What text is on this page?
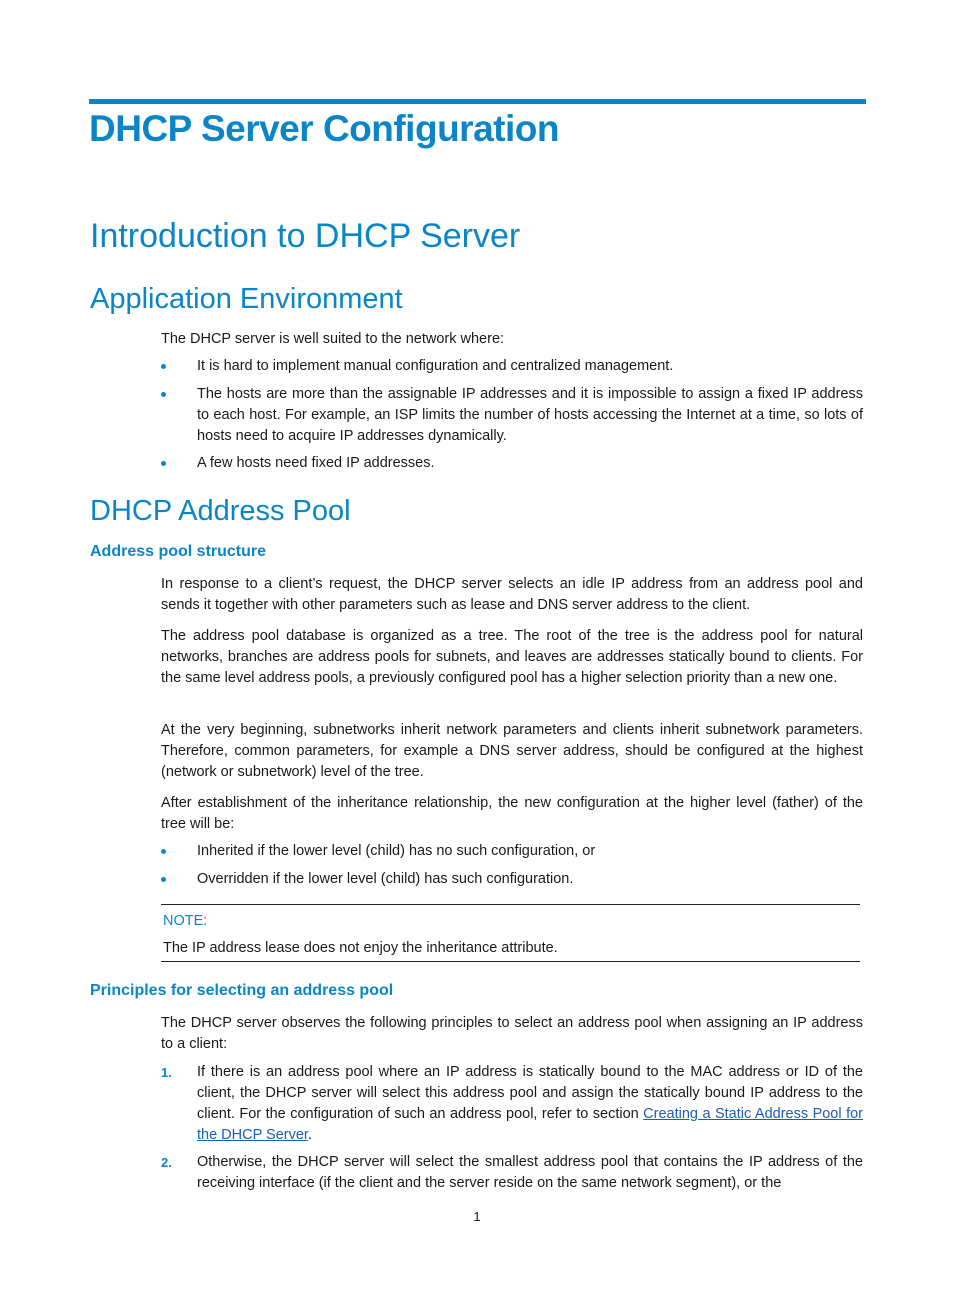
DHCP Server Configuration
Introduction to DHCP Server
Application Environment

The DHCP server is well suited to the network where:

It is hard to implement manual configuration and centralized management.

The hosts are more than the assignable IP addresses and it is impossible to assign a fixed IP address to each host. For example, an ISP limits the number of hosts accessing the Internet at a time, so lots of hosts need to acquire IP addresses dynamically.

A few hosts need fixed IP addresses.

DHCP Address Pool
Address pool structure

In response to a client’s request, the DHCP server selects an idle IP address from an address pool and sends it together with other parameters such as lease and DNS server address to the client.

The address pool database is organized as a tree. The root of the tree is the address pool for natural networks, branches are address pools for subnets, and leaves are addresses statically bound to clients. For the same level address pools, a previously configured pool has a higher selection priority than a new one.

At the very beginning, subnetworks inherit network parameters and clients inherit subnetwork parameters. Therefore, common parameters, for example a DNS server address, should be configured at the highest (network or subnetwork) level of the tree.

After establishment of the inheritance relationship, the new configuration at the higher level (father) of the tree will be:

Inherited if the lower level (child) has no such configuration, or

Overridden if the lower level (child) has such configuration.

NOTE:
The IP address lease does not enjoy the inheritance attribute.
Principles for selecting an address pool

The DHCP server observes the following principles to select an address pool when assigning an IP address to a client:

1. If there is an address pool where an IP address is statically bound to the MAC address or ID of the client, the DHCP server will select this address pool and assign the statically bound IP address to the client. For the configuration of such an address pool, refer to section Creating a Static Address Pool for the DHCP Server.

2. Otherwise, the DHCP server will select the smallest address pool that contains the IP address of the receiving interface (if the client and the server reside on the same network segment), or the

1
